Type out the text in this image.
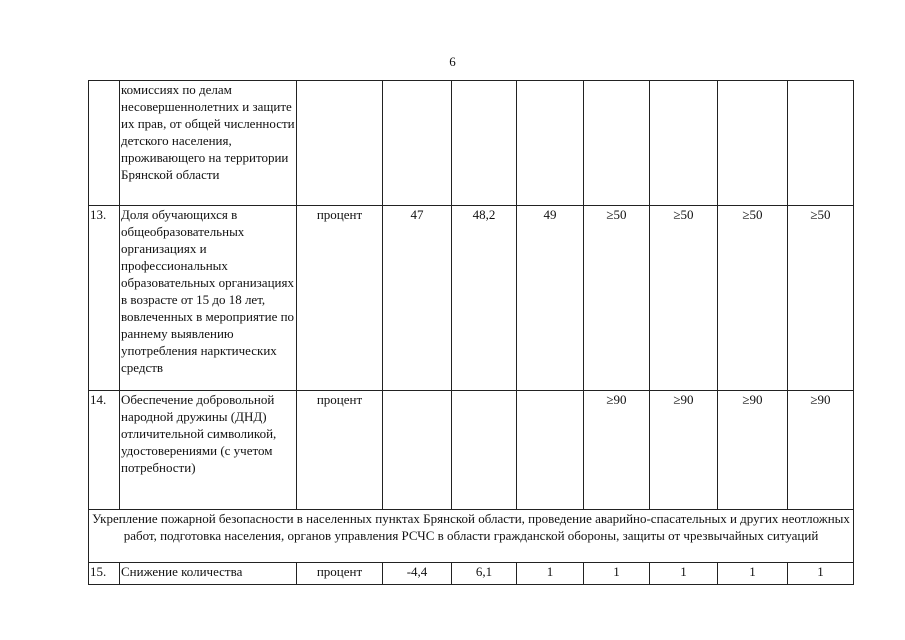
6
	комиссиях по делам несовершеннолетних и защите их прав, от общей численности детского населения, проживающего на территории Брянской области								
13.	Доля обучающихся в общеобразовательных организациях и профессиональных образовательных организациях в возрасте от 15 до 18 лет, вовлеченных в мероприятие по раннему выявлению употребления нарктических средств	процент	47	48,2	49	≥50	≥50	≥50	≥50
14.	Обеспечение добровольной народной дружины (ДНД) отличительной символикой, удостоверениями (с учетом потребности)	процент				≥90	≥90	≥90	≥90
Укрепление пожарной безопасности в населенных пунктах Брянской области, проведение аварийно-спасательных и других неотложных работ, подготовка населения, органов управления РСЧС в области гражданской обороны, защиты от чрезвычайных ситуаций									
15.	Снижение количества	процент	-4,4	6,1	1	1	1	1	1
